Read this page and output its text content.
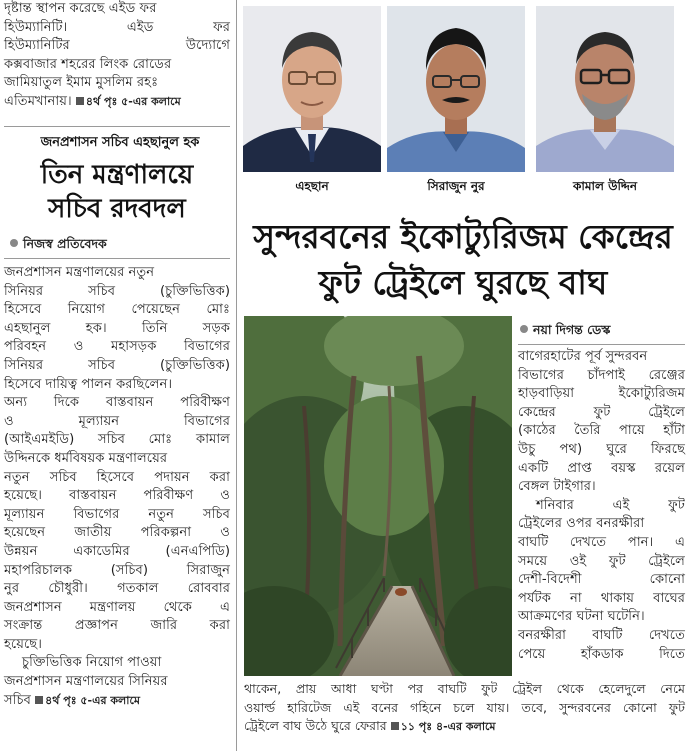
দৃষ্টান্ত স্থাপন করেছে এইড ফর

হিউম্যানিটি। এইড ফর

হিউম্যানিটির উদ্যোগে

কক্সবাজার শহরের লিংক রোডের

জামিয়াতুল ইমাম মুসলিম রহঃ

এতিমখানায়। ৪র্থ পৃঃ ৫-এর কলামে

জনপ্রশাসন সচিব এহছানুল হক
তিন মন্ত্রণালয়ে
সচিব রদবদল
নিজস্ব প্রতিবেদক

জনপ্রশাসন মন্ত্রণালয়ের নতুন

সিনিয়র সচিব (চুক্তিভিত্তিক)

হিসেবে নিয়োগ পেয়েছেন মোঃ

এহছানুল হক। তিনি সড়ক

পরিবহন ও মহাসড়ক বিভাগের

সিনিয়র সচিব (চুক্তিভিত্তিক)

হিসেবে দায়িত্ব পালন করছিলেন।

অন্য দিকে বাস্তবায়ন পরিবীক্ষণ

ও মূল্যায়ন বিভাগের

(আইএমইডি) সচিব মোঃ কামাল

উদ্দিনকে ধর্মবিষয়ক মন্ত্রণালয়ের

নতুন সচিব হিসেবে পদায়ন করা

হয়েছে। বাস্তবায়ন পরিবীক্ষণ ও

মূল্যায়ন বিভাগের নতুন সচিব

হয়েছেন জাতীয় পরিকল্পনা ও

উন্নয়ন একাডেমির (এনএপিডি)

মহাপরিচালক (সচিব) সিরাজুন

নুর চৌধুরী। গতকাল রোববার

জনপ্রশাসন মন্ত্রণালয় থেকে এ

সংক্রান্ত প্রজ্ঞাপন জারি করা

হয়েছে।

চুক্তিভিত্তিক নিয়োগ পাওয়া

জনপ্রশাসন মন্ত্রণালয়ের সিনিয়র

সচিব ৪র্থ পৃঃ ৫-এর কলামে

এহছান	সিরাজুন নুর	কামাল উদ্দিন
সুন্দরবনের ইকোট্যুরিজম কেন্দ্রের
ফুট ট্রেইলে ঘুরছে বাঘ
নয়া দিগন্ত ডেস্ক

বাগেরহাটের পূর্ব সুন্দরবন

বিভাগের চাঁদপাই রেঞ্জের

হাড়বাড়িয়া ইকোট্যুরিজম

কেন্দ্রের ফুট ট্রেইলে

(কাঠের তৈরি পায়ে হাঁটা

উচু পথ) ঘুরে ফিরছে

একটি প্রাপ্ত বয়স্ক রয়েল

বেঙ্গল টাইগার।

শনিবার এই ফুট

ট্রেইলের ওপর বনরক্ষীরা

বাঘটি দেখতে পান। এ

সময়ে ওই ফুট ট্রেইলে

দেশী-বিদেশী কোনো

পর্যটক না থাকায় বাঘের

আক্রমণের ঘটনা ঘটেনি।

বনরক্ষীরা বাঘটি দেখতে

পেয়ে হাঁকডাক দিতে

থাকেন, প্রায় আধা ঘণ্টা পর বাঘটি ফুট ট্রেইল থেকে হেলেদুলে নেমে

ওয়ার্ল্ড হারিটেজ এই বনের গহিনে চলে যায়। তবে, সুন্দরবনের কোনো ফুট

ট্রেইলে বাঘ উঠে ঘুরে ফেরার ১১ পৃঃ ৪-এর কলামে
